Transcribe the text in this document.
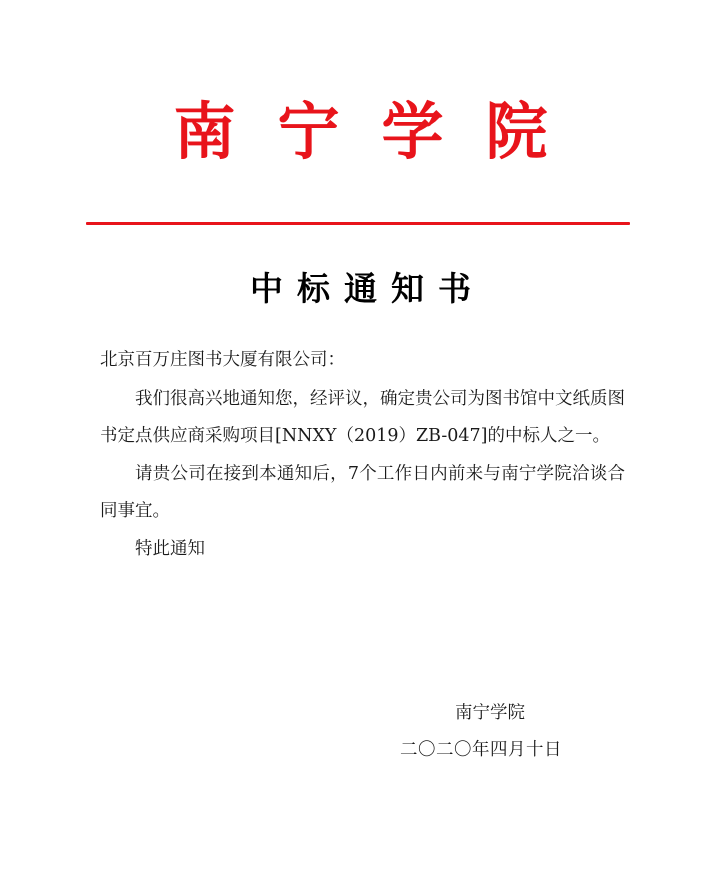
南宁学院
中标通知书

北京百万庄图书大厦有限公司：

我们很高兴地通知您，经评议，确定贵公司为图书馆中文纸质图书定点供应商采购项目[NNXY（2019）ZB-047]的中标人之一。

请贵公司在接到本通知后，7个工作日内前来与南宁学院洽谈合同事宜。

特此通知

南宁学院
二〇二〇年四月十日
